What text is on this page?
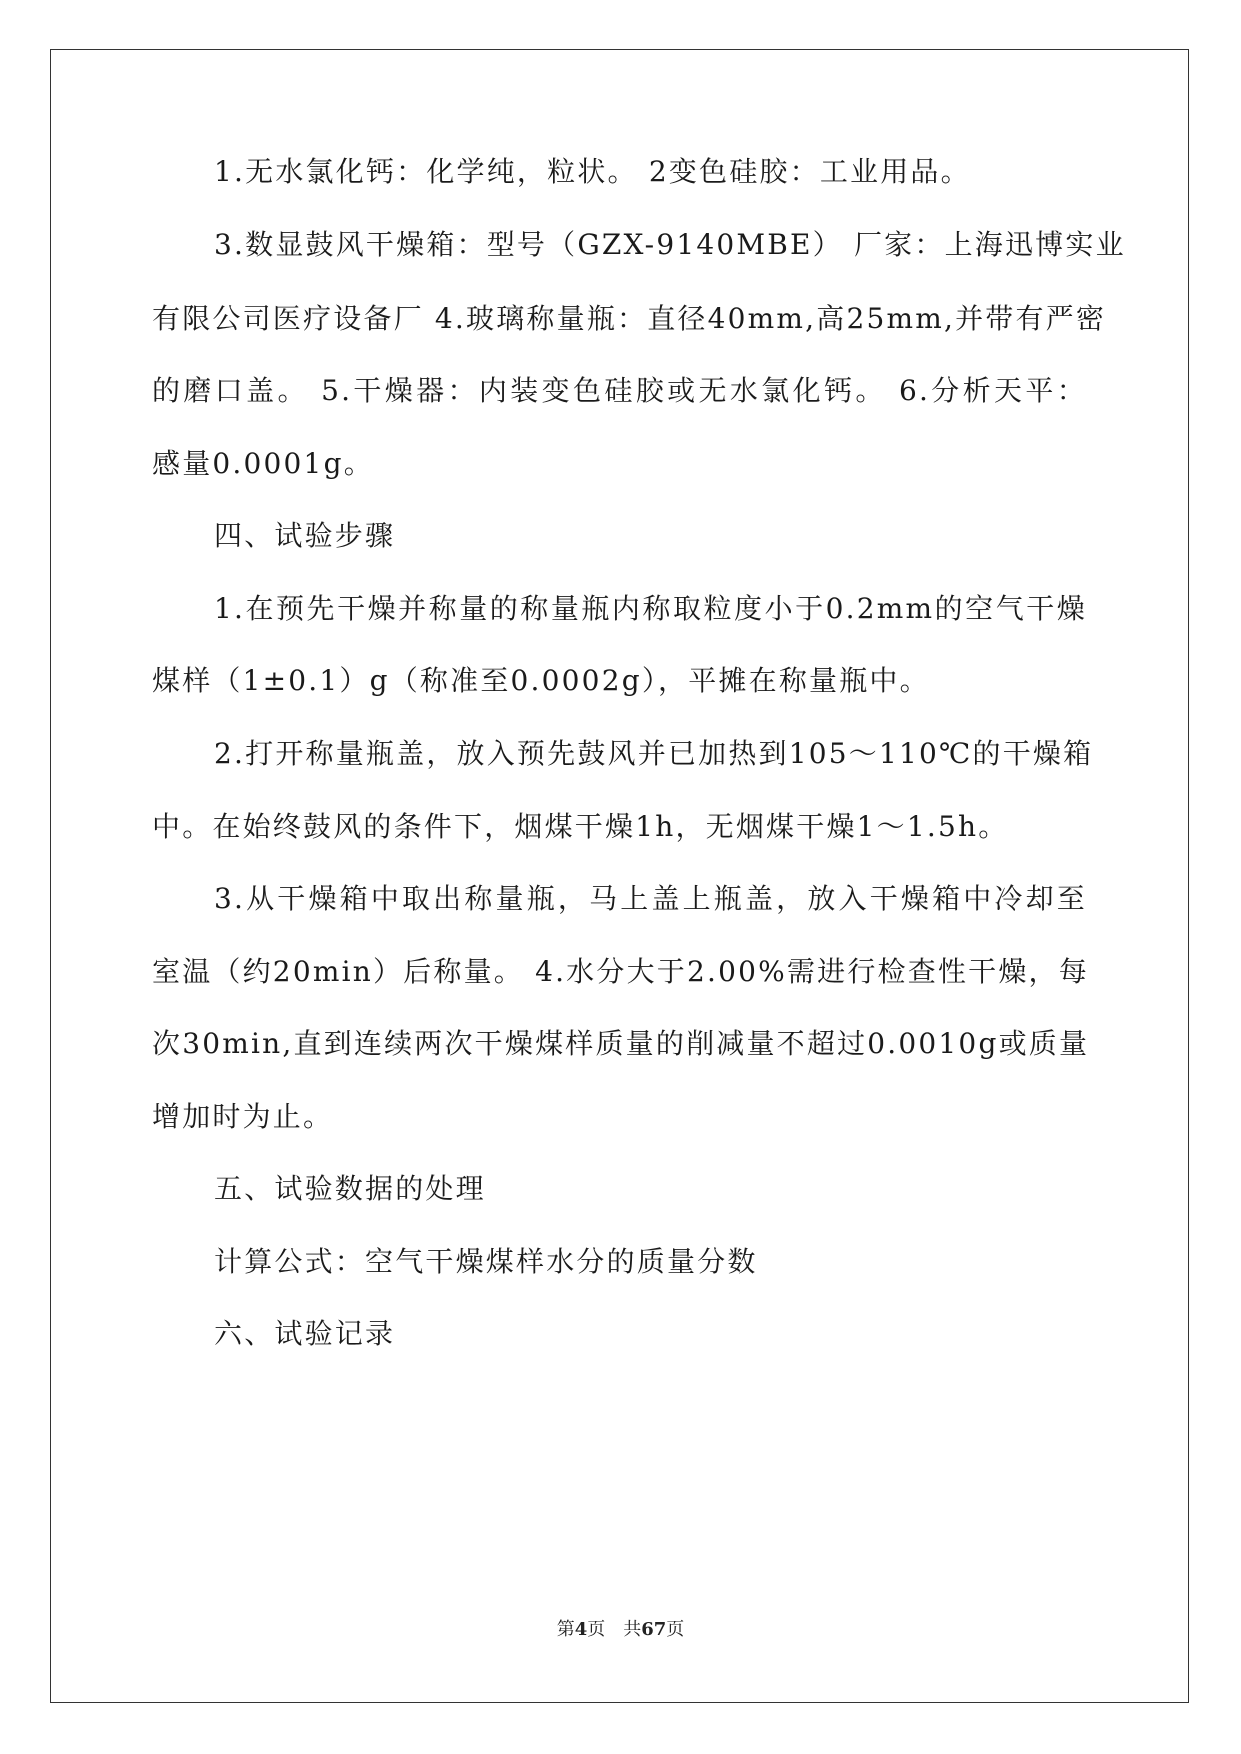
1.无水氯化钙：化学纯，粒状。 2变色硅胶：工业用品。
3.数显鼓风干燥箱：型号（GZX-9140MBE） 厂家：上海迅博实业
有限公司医疗设备厂 4.玻璃称量瓶：直径40mm,高25mm,并带有严密
的磨口盖。 5.干燥器：内装变色硅胶或无水氯化钙。 6.分析天平：
感量0.0001g。
四、试验步骤
1.在预先干燥并称量的称量瓶内称取粒度小于0.2mm的空气干燥
煤样（1±0.1）g（称准至0.0002g），平摊在称量瓶中。
2.打开称量瓶盖，放入预先鼓风并已加热到105～110℃的干燥箱
中。在始终鼓风的条件下，烟煤干燥1h，无烟煤干燥1～1.5h。
3.从干燥箱中取出称量瓶，马上盖上瓶盖，放入干燥箱中冷却至
室温（约20min）后称量。 4.水分大于2.00%需进行检查性干燥，每
次30min,直到连续两次干燥煤样质量的削减量不超过0.0010g或质量
增加时为止。
五、试验数据的处理
计算公式：空气干燥煤样水分的质量分数
六、试验记录
第4页　共67页
